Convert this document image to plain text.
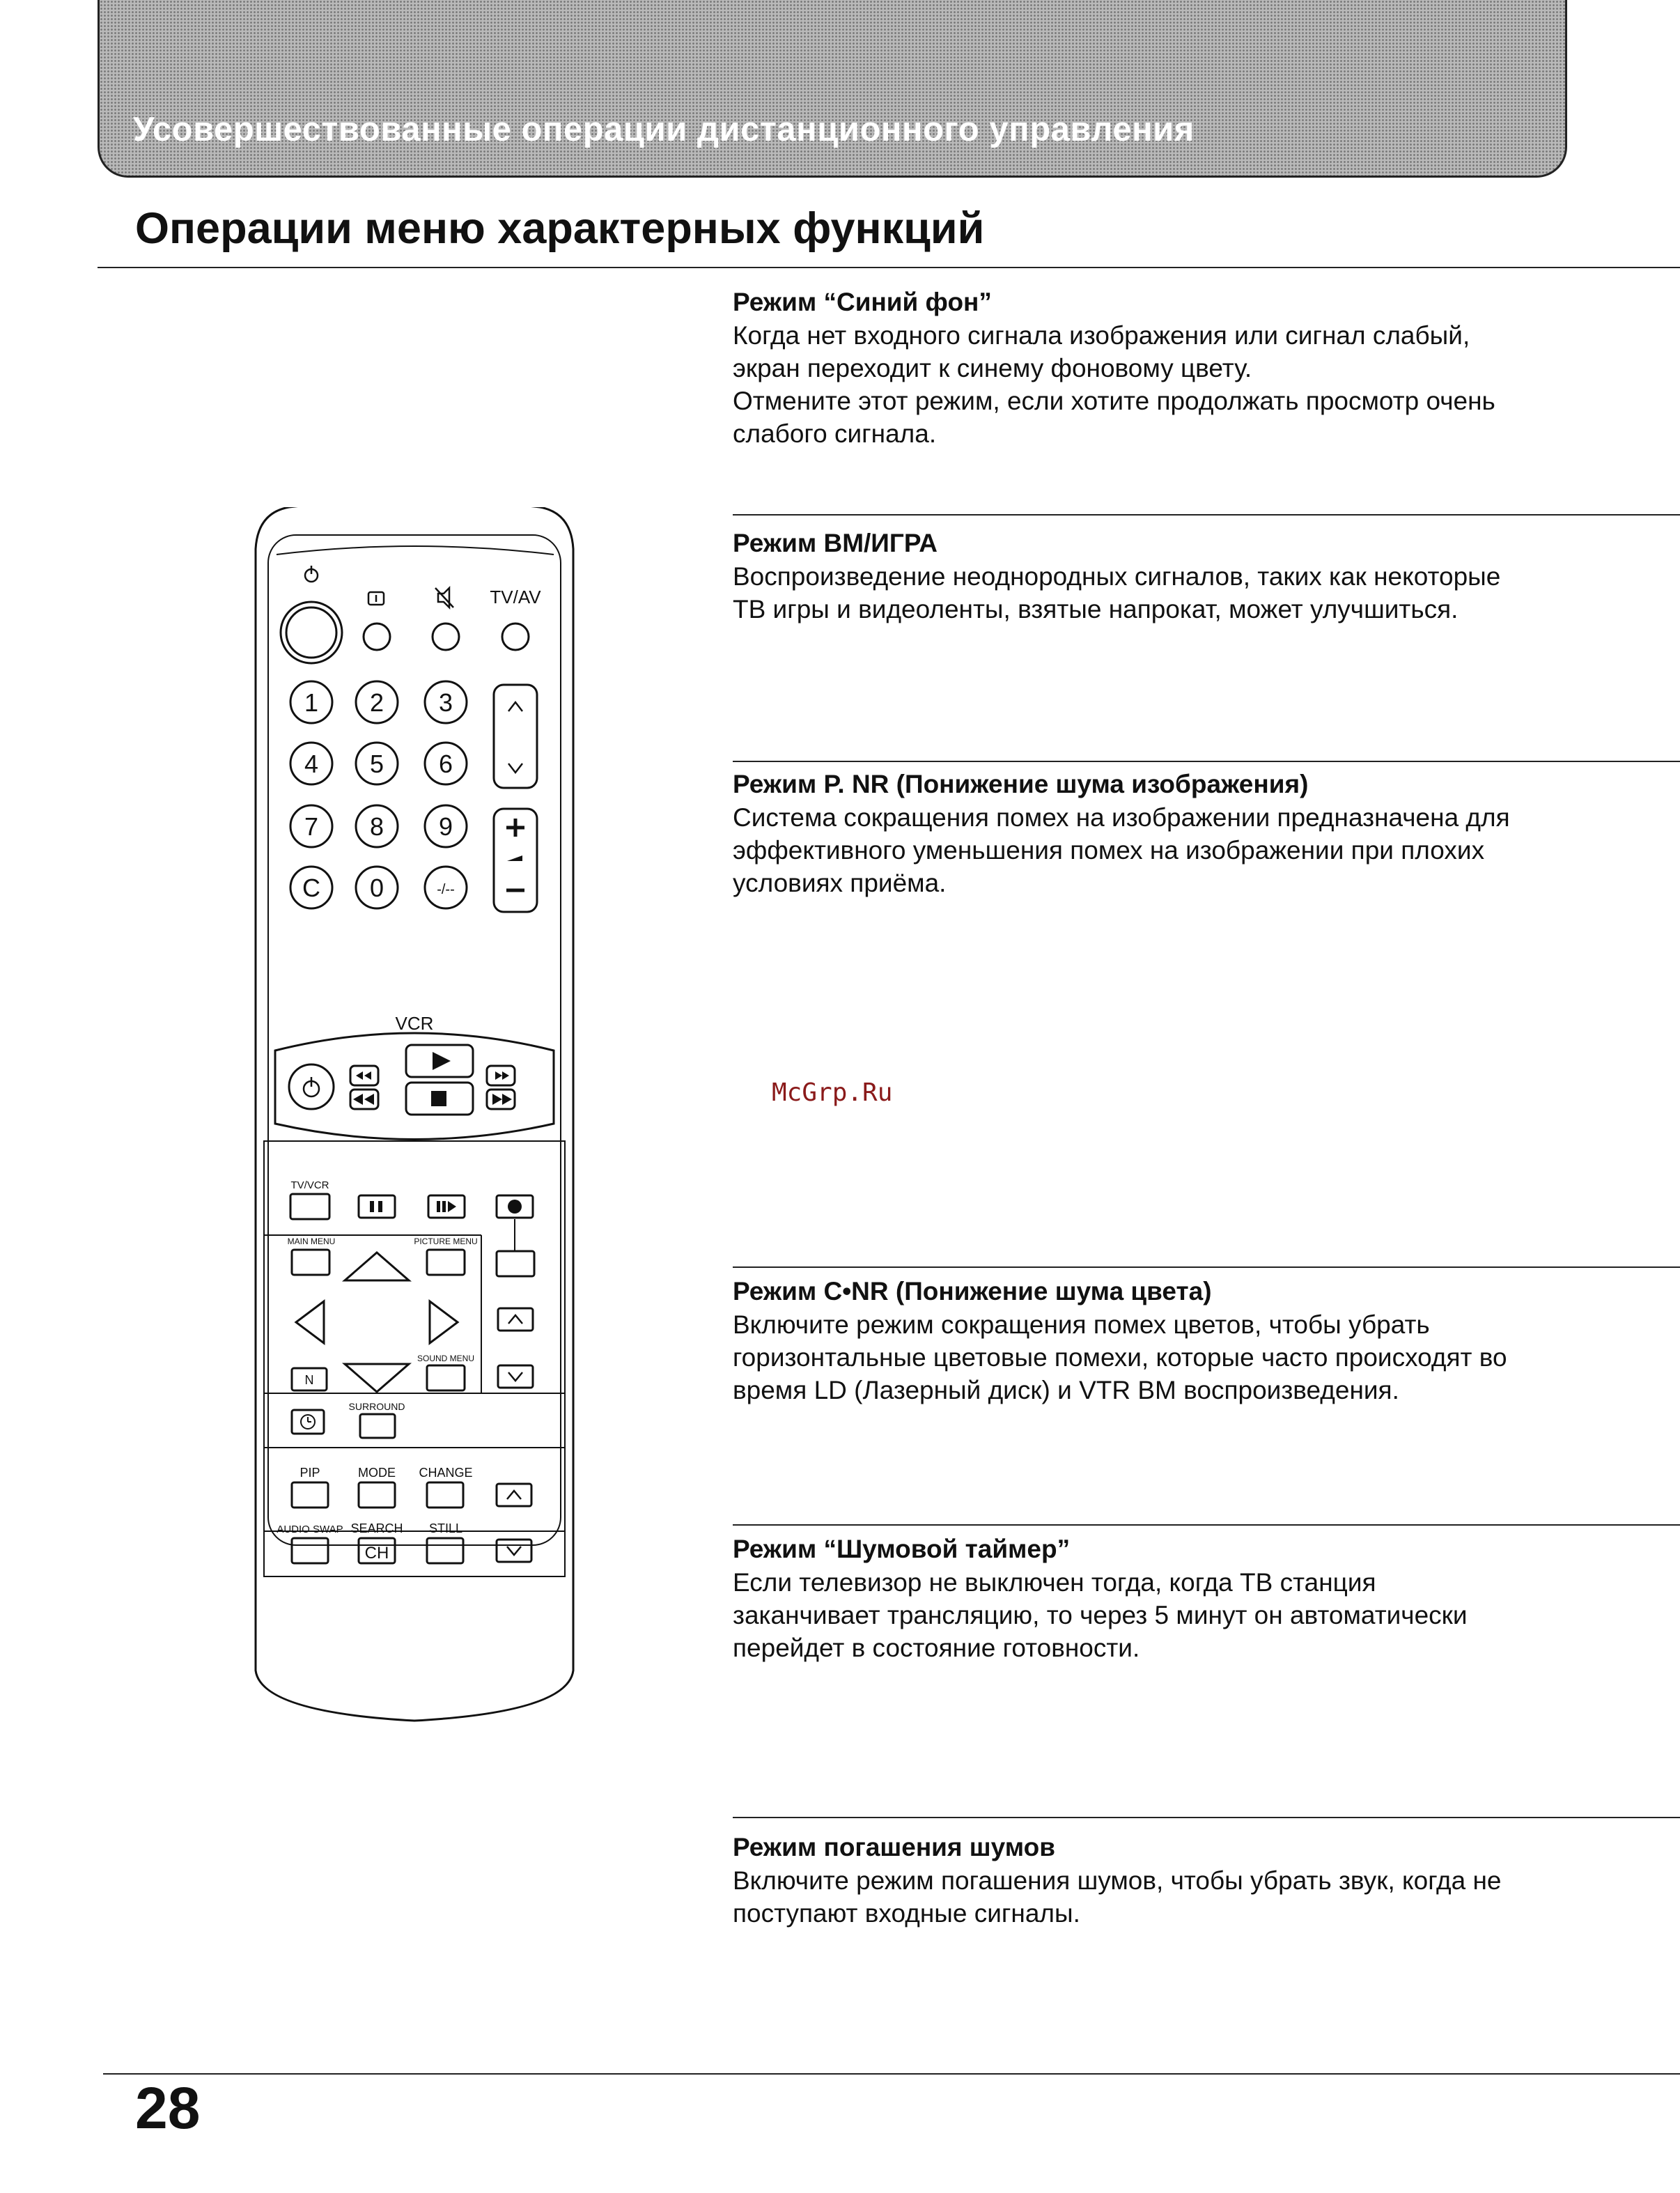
Усовершествованные операции дистанционного управления
Операции меню характерных функций
Режим “Синий фон”

Когда нет входного сигнала изображения или сигнал слабый,
экран переходит к синему фоновому цвету.
Отмените этот режим, если хотите продолжать просмотр очень
слабого сигнала.

Режим ВМ/ИГРА

Воспроизведение неоднородных сигналов, таких как некоторые
ТВ игры и видеоленты, взятые напрокат, может улучшиться.

Режим P. NR (Понижение шума изображения)

Система сокращения помех на изображении предназначена для
эффективного уменьшения помех на изображении при плохих
условиях приёма.

Режим C•NR (Понижение шума цвета)

Включите режим сокращения помех цветов, чтобы убрать
горизонтальные цветовые помехи, которые часто происходят во
время LD (Лазерный диск) и VTR ВМ воспроизведения.

Режим “Шумовой таймер”

Если телевизор не выключен тогда, когда ТВ станция
заканчивает трансляцию, то через 5 минут он автоматически
перейдет в состояние готовности.

Режим погашения шумов

Включите режим погашения шумов, чтобы убрать звук, когда не
поступают входные сигналы.

McGrp.Ru
28
TV/AV
1 2 3
4 5 6
7 8 9
C 0	-/--
VCR
TV/VCR
MAIN MENU	PICTURE MENU
N
SOUND MENU
SURROUND
PIP	MODE CHANGE
AUDIO SWAP SEARCH STILL
CH
